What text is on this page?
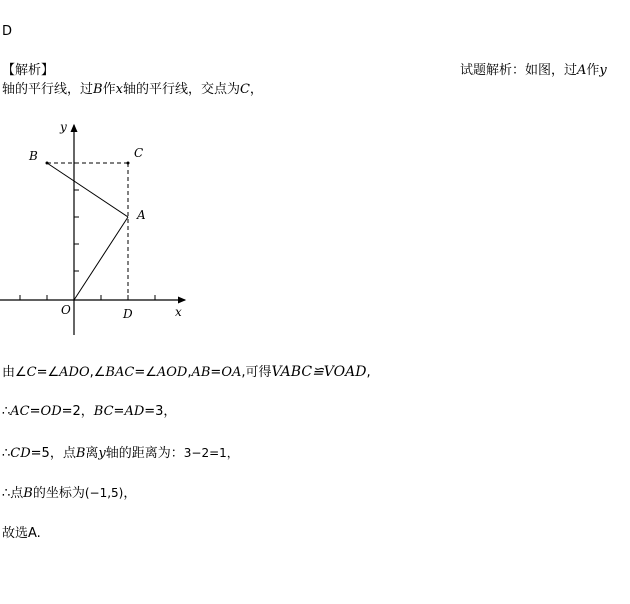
D
【解析】	试题解析：如图，过A作y
轴的平行线，过B作x轴的平行线，交点为C，
y
x
O	D
A
B	C
由∠C=∠ADO,∠BAC=∠AOD,AB=OA,可得VABC≌VOAD,
∴AC=OD=2，BC=AD=3，
∴CD=5，点B离y轴的距离为：3−2=1，
∴点B的坐标为(−1,5)，
故选A.
